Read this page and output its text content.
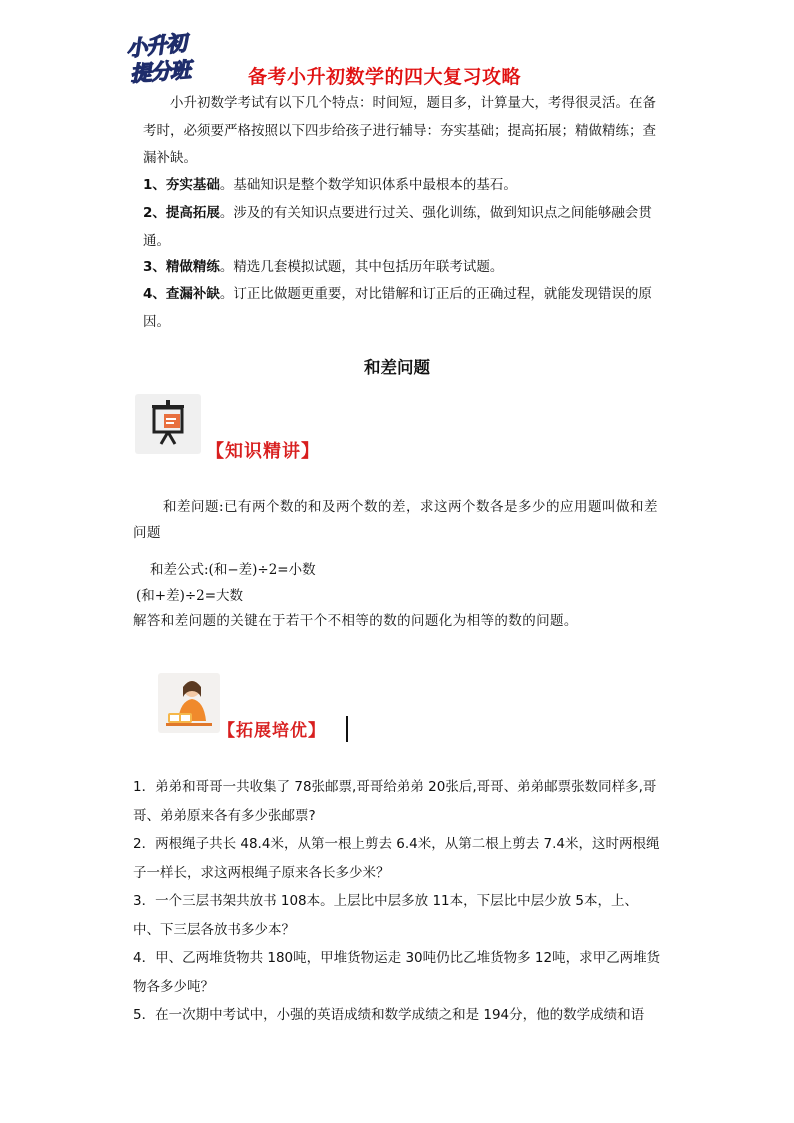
小升初
提分班	备考小升初数学的四大复习攻略
小升初数学考试有以下几个特点：时间短，题目多，计算量大，考得很灵活。在备考时，必须要严格按照以下四步给孩子进行辅导：夯实基础；提高拓展；精做精练；查漏补缺。
1、夯实基础。基础知识是整个数学知识体系中最根本的基石。
2、提高拓展。涉及的有关知识点要进行过关、强化训练，做到知识点之间能够融会贯通。
3、精做精练。精选几套模拟试题，其中包括历年联考试题。
4、查漏补缺。订正比做题更重要，对比错解和订正后的正确过程，就能发现错误的原因。
和差问题
【知识精讲】
和差问题:已有两个数的和及两个数的差，求这两个数各是多少的应用题叫做和差问题
和差公式:(和−差)÷2=小数
(和+差)÷2=大数
解答和差问题的关键在于若干个不相等的数的问题化为相等的数的问题。
【拓展培优】

1．弟弟和哥哥一共收集了 78张邮票,哥哥给弟弟 20张后,哥哥、弟弟邮票张数同样多,哥哥、弟弟原来各有多少张邮票?

2．两根绳子共长 48.4米，从第一根上剪去 6.4米，从第二根上剪去 7.4米，这时两根绳子一样长，求这两根绳子原来各长多少米？

3．一个三层书架共放书 108本。上层比中层多放 11本，下层比中层少放 5本，上、中、下三层各放书多少本？

4．甲、乙两堆货物共 180吨，甲堆货物运走 30吨仍比乙堆货物多 12吨，求甲乙两堆货物各多少吨？

5．在一次期中考试中，小强的英语成绩和数学成绩之和是 194分，他的数学成绩和语
